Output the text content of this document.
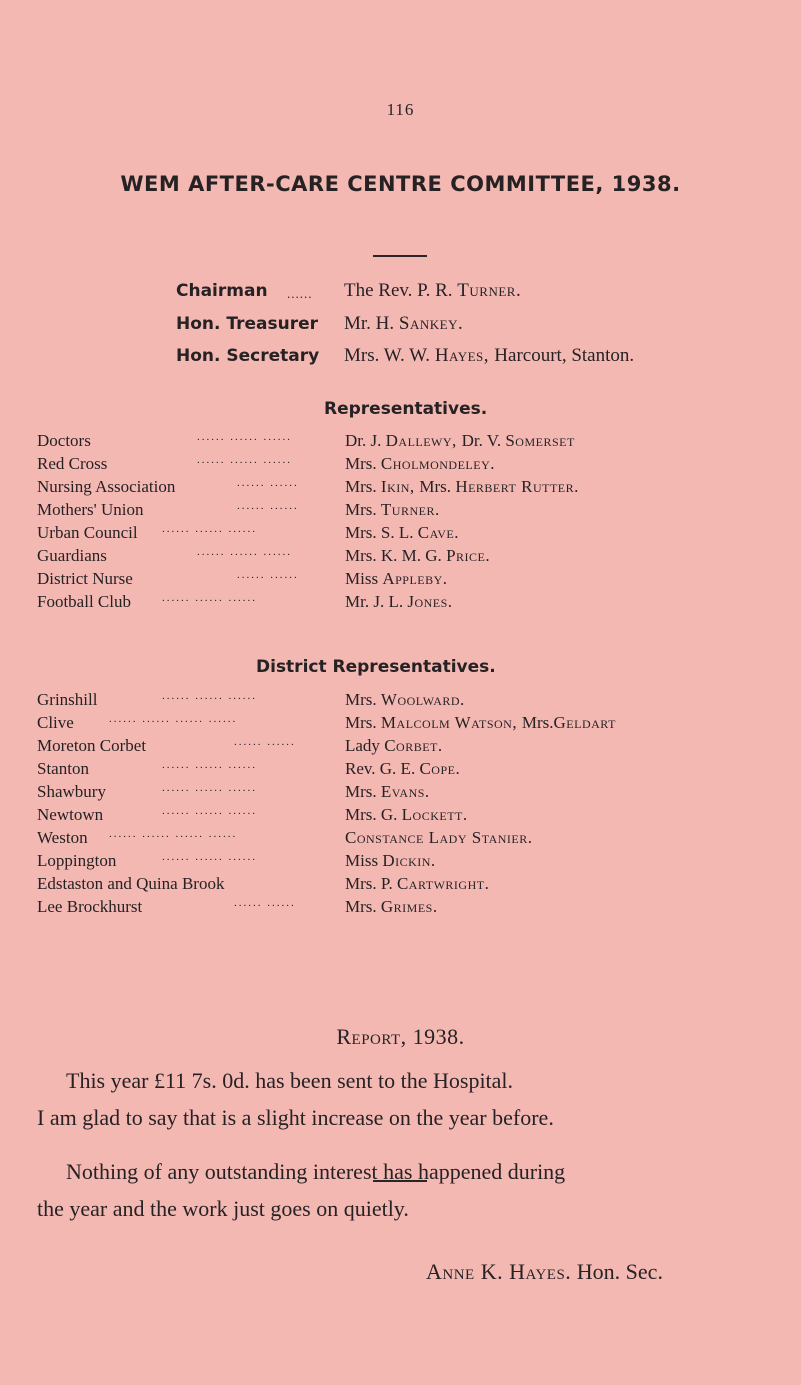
116
WEM AFTER-CARE CENTRE COMMITTEE, 1938.
Chairman ...... The Rev. P. R. Turner.
Hon. Treasurer Mr. H. Sankey.
Hon. Secretary Mrs. W. W. Hayes, Harcourt, Stanton.
Representatives.
Doctors	...... ...... ......	Dr. J. Dallewy, Dr. V. Somerset
Red Cross	...... ...... ......	Mrs. Cholmondeley.
Nursing Association	...... ......	Mrs. Ikin, Mrs. Herbert Rutter.
Mothers' Union	...... ......	Mrs. Turner.
Urban Council ...... ...... ......	Mrs. S. L. Cave.
Guardians	...... ...... ......	Mrs. K. M. G. Price.
District Nurse	...... ......	Miss Appleby.
Football Club	...... ...... ......	Mr. J. L. Jones.
District Representatives.
Grinshill	...... ...... ......	Mrs. Woolward.
Clive	...... ...... ...... ......	Mrs. Malcolm Watson, Mrs.Geldart
Moreton Corbet	...... ......	Lady Corbet.
Stanton	...... ...... ......	Rev. G. E. Cope.
Shawbury	...... ...... ......	Mrs. Evans.
Newtown	...... ...... ......	Mrs. G. Lockett.
Weston ...... ...... ...... ......	Constance Lady Stanier.
Loppington	...... ...... ......	Miss Dickin.
Edstaston and Quina Brook	Mrs. P. Cartwright.
Lee Brockhurst	...... ......	Mrs. Grimes.
Report, 1938.
This year £11 7s. 0d. has been sent to the Hospital.
I am glad to say that is a slight increase on the year before.
Nothing of any outstanding interest has happened during
the year and the work just goes on quietly.
Anne K. Hayes. Hon. Sec.
